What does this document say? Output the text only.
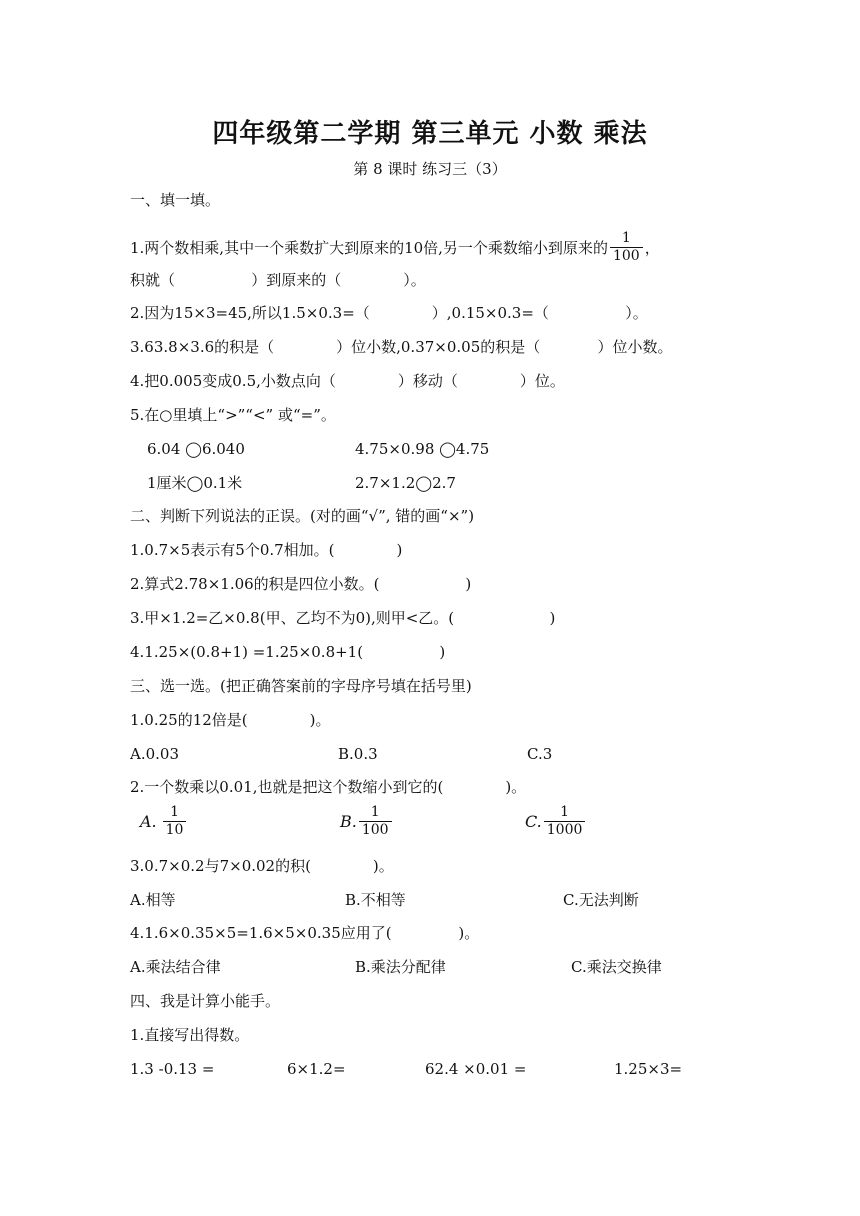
四年级第二学期 第三单元 小数 乘法
第 8 课时 练习三（3）
一、填一填。
1.两个数相乘,其中一个乘数扩大到原来的10倍,另一个乘数缩小到原来的 $\frac{1}{100}$ ，
积就（                ）到原来的（             ）。
2.因为15×3=45,所以1.5×0.3=（             ）,0.15×0.3=（                ）。
3.63.8×3.6的积是（             ）位小数,0.37×0.05的积是（            ）位小数。
4.把0.005变成0.5,小数点向（             ）移动（             ）位。
5.在○里填上“>”“<” 或“=”。
6.04 ◯6.040	4.75×0.98 ◯4.75
1厘米◯0.1米	2.7×1.2◯2.7
二、判断下列说法的正误。(对的画“√”, 错的画“×”)
1.0.7×5表示有5个0.7相加。(             )
2.算式2.78×1.06的积是四位小数。(                  )
3.甲×1.2=乙×0.8(甲、乙均不为0),则甲<乙。(                    )
4.1.25×(0.8+1) =1.25×0.8+1(                )
三、选一选。(把正确答案前的字母序号填在括号里)
1.0.25的12倍是(             )。
A.0.03	B.0.3	C.3
2.一个数乘以0.01,也就是把这个数缩小到它的(             )。
A. $\frac{1}{10}$	B. $\frac{1}{100}$	C. $\frac{1}{1000}$
3.0.7×0.2与7×0.02的积(             )。
A.相等	B.不相等	C.无法判断
4.1.6×0.35×5=1.6×5×0.35应用了(              )。
A.乘法结合律	B.乘法分配律	C.乘法交换律
四、我是计算小能手。
1.直接写出得数。
1.3 -0.13 =	6×1.2=	62.4 ×0.01 =	1.25×3=
